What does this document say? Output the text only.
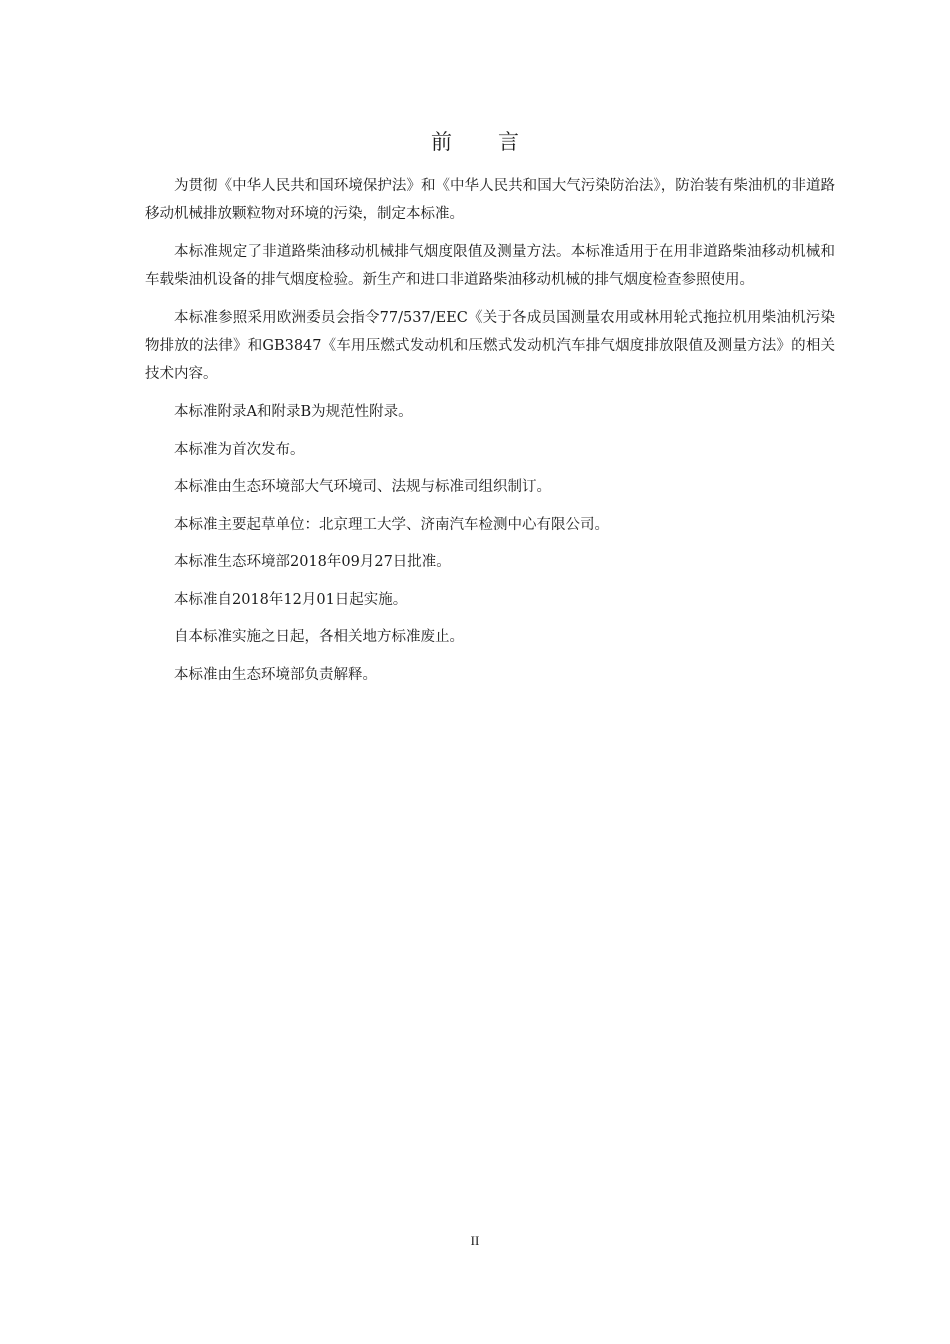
前言

为贯彻《中华人民共和国环境保护法》和《中华人民共和国大气污染防治法》，防治装有柴油机的非道路移动机械排放颗粒物对环境的污染，制定本标准。

本标准规定了非道路柴油移动机械排气烟度限值及测量方法。本标准适用于在用非道路柴油移动机械和车载柴油机设备的排气烟度检验。新生产和进口非道路柴油移动机械的排气烟度检查参照使用。

本标准参照采用欧洲委员会指令77/537/EEC《关于各成员国测量农用或林用轮式拖拉机用柴油机污染物排放的法律》和GB3847《车用压燃式发动机和压燃式发动机汽车排气烟度排放限值及测量方法》的相关技术内容。

本标准附录A和附录B为规范性附录。

本标准为首次发布。

本标准由生态环境部大气环境司、法规与标准司组织制订。

本标准主要起草单位：北京理工大学、济南汽车检测中心有限公司。

本标准生态环境部2018年09月27日批准。

本标准自2018年12月01日起实施。

自本标准实施之日起，各相关地方标准废止。

本标准由生态环境部负责解释。

II
